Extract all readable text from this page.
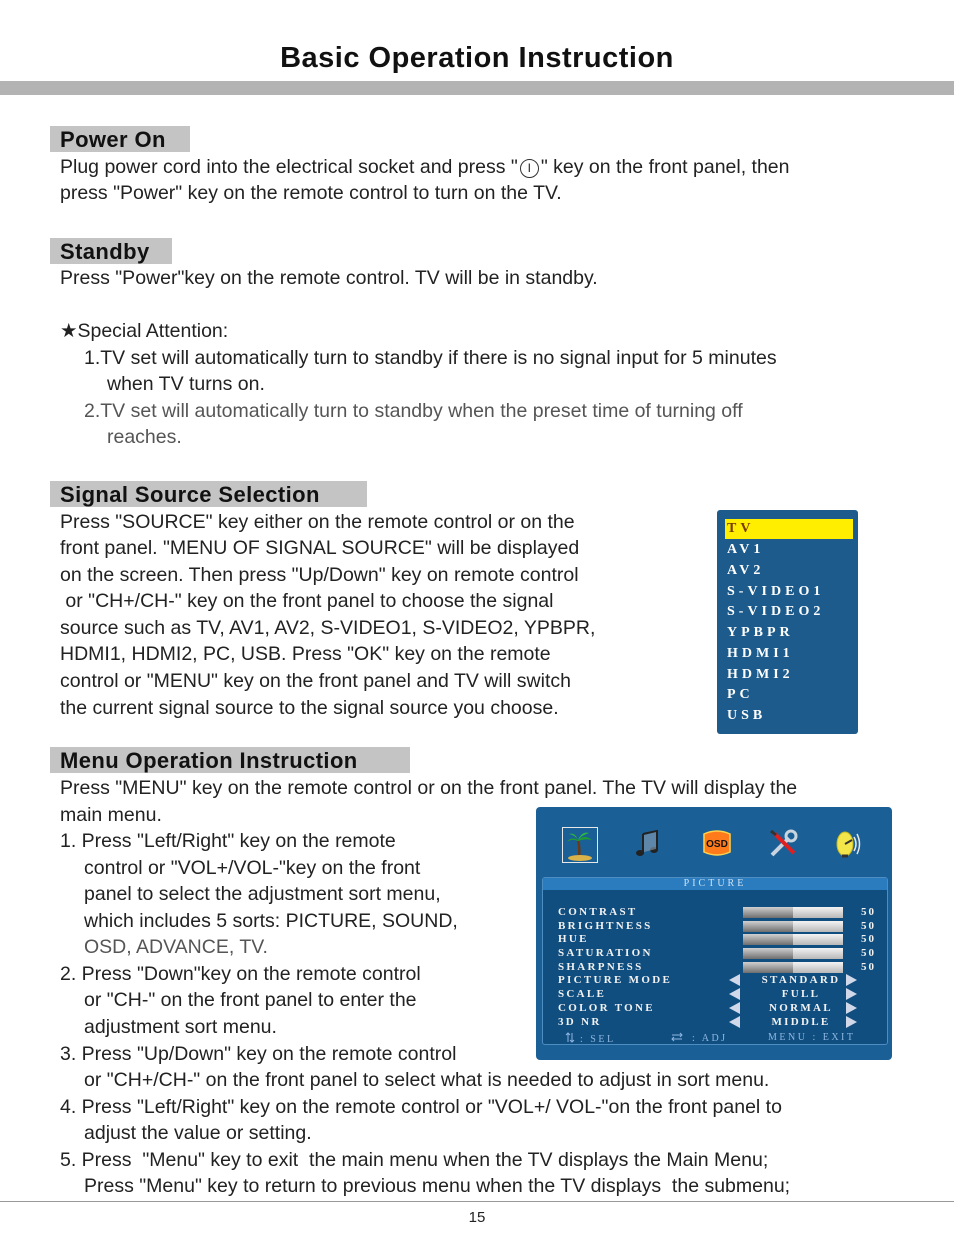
Basic Operation Instruction
Power On
Plug power cord into the electrical socket and press " I " key on the front panel, then
press "Power" key on the remote control to turn on the TV.
Standby
Press "Power"key on the remote control. TV will be in standby.
★Special Attention:
1.TV set will automatically turn to standby if there is no signal input for 5 minutes
when TV turns on.
2.TV set will automatically turn to standby when the preset time of turning off
reaches.
Signal Source Selection
Press "SOURCE" key either on the remote control or on the
front panel. "MENU OF SIGNAL SOURCE" will be displayed
on the screen. Then press "Up/Down" key on remote control
or "CH+/CH-" key on the front panel to choose the signal
source such as TV, AV1, AV2, S-VIDEO1, S-VIDEO2, YPBPR,
HDMI1, HDMI2, PC, USB. Press "OK" key on the remote
control or "MENU" key on the front panel and TV will switch
the current signal source to the signal source you choose.
TV
AV1
AV2
S-VIDEO1
S-VIDEO2
YPBPR
HDMI1
HDMI2
PC
USB
Menu Operation Instruction
Press "MENU" key on the remote control or on the front panel. The TV will display the
main menu.
1. Press "Left/Right" key on the remote
control or "VOL+/VOL-"key on the front
panel to select the adjustment sort menu,
which includes 5 sorts: PICTURE, SOUND,
OSD, ADVANCE, TV.
2. Press "Down"key on the remote control
or "CH-" on the front panel to enter the
adjustment sort menu.
3. Press "Up/Down" key on the remote control
or "CH+/CH-" on the front panel to select what is needed to adjust in sort menu.
4. Press "Left/Right" key on the remote control or "VOL+/ VOL-"on the front panel to
adjust the value or setting.
5. Press  "Menu" key to exit  the main menu when the TV displays the Main Menu;
Press "Menu" key to return to previous menu when the TV displays  the submenu;
OSD
PICTURE
CONTRAST	50
BRIGHTNESS	50
HUE	50
SATURATION	50
SHARPNESS	50
PICTURE MODE	STANDARD
SCALE	FULL
COLOR TONE	NORMAL
3D NR	MIDDLE
: SEL	: ADJ	MENU : EXIT
15
